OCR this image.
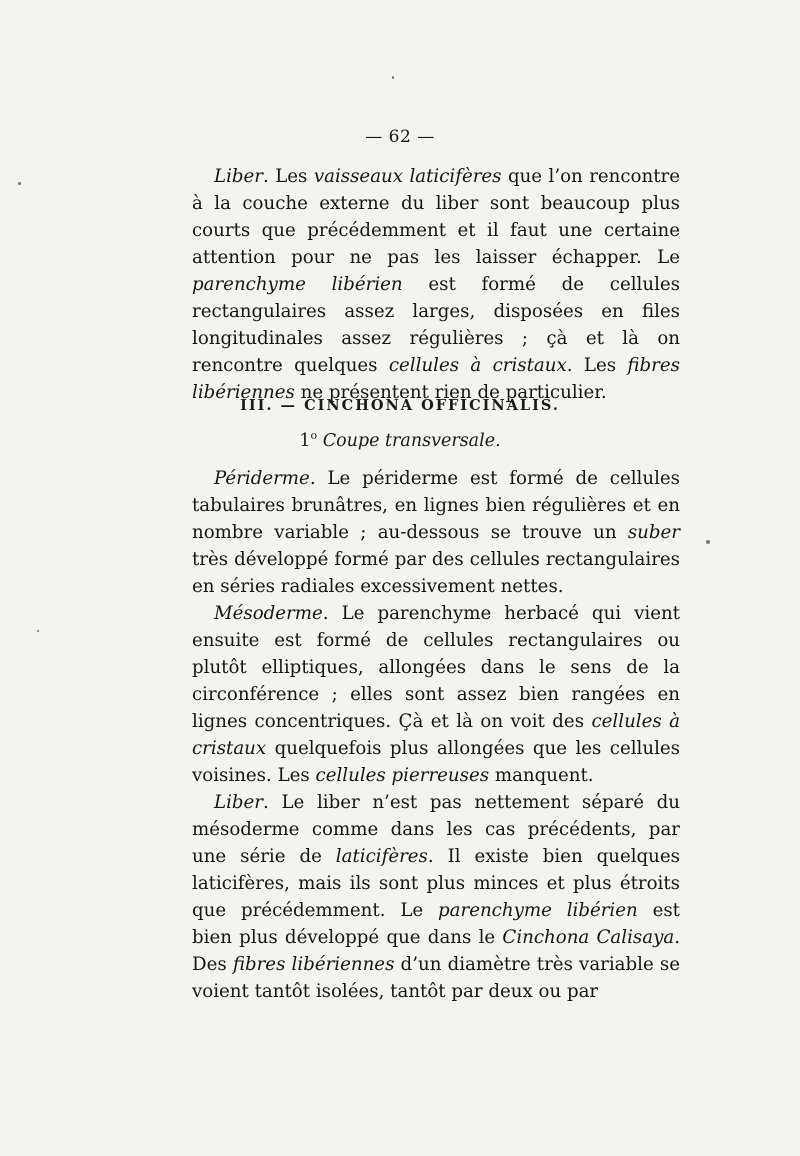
— 62 —

Liber. Les vaisseaux laticifères que l’on rencontre à la couche externe du liber sont beaucoup plus courts que précédemment et il faut une certaine attention pour ne pas les laisser échapper. Le parenchyme libérien est formé de cellules rectangulaires assez larges, disposées en files longitudinales assez régulières ; çà et là on rencontre quelques cellules à cristaux. Les fibres libériennes ne présentent rien de particulier.

III. — CINCHONA OFFICINALIS.
1$^o$ Coupe transversale.

Périderme. Le périderme est formé de cellules tabulaires brunâtres, en lignes bien régulières et en nombre variable ; au-dessous se trouve un suber très développé formé par des cellules rectangulaires en séries radiales excessivement nettes.

Mésoderme. Le parenchyme herbacé qui vient ensuite est formé de cellules rectangulaires ou plutôt elliptiques, allongées dans le sens de la circonférence ; elles sont assez bien rangées en lignes concentriques. Çà et là on voit des cellules à cristaux quelquefois plus allongées que les cellules voisines. Les cellules pierreuses manquent.

Liber. Le liber n’est pas nettement séparé du mésoderme comme dans les cas précédents, par une série de laticifères. Il existe bien quelques laticifères, mais ils sont plus minces et plus étroits que précédemment. Le parenchyme libérien est bien plus développé que dans le Cinchona Calisaya. Des fibres libériennes d’un diamètre très variable se voient tantôt isolées, tantôt par deux ou par
